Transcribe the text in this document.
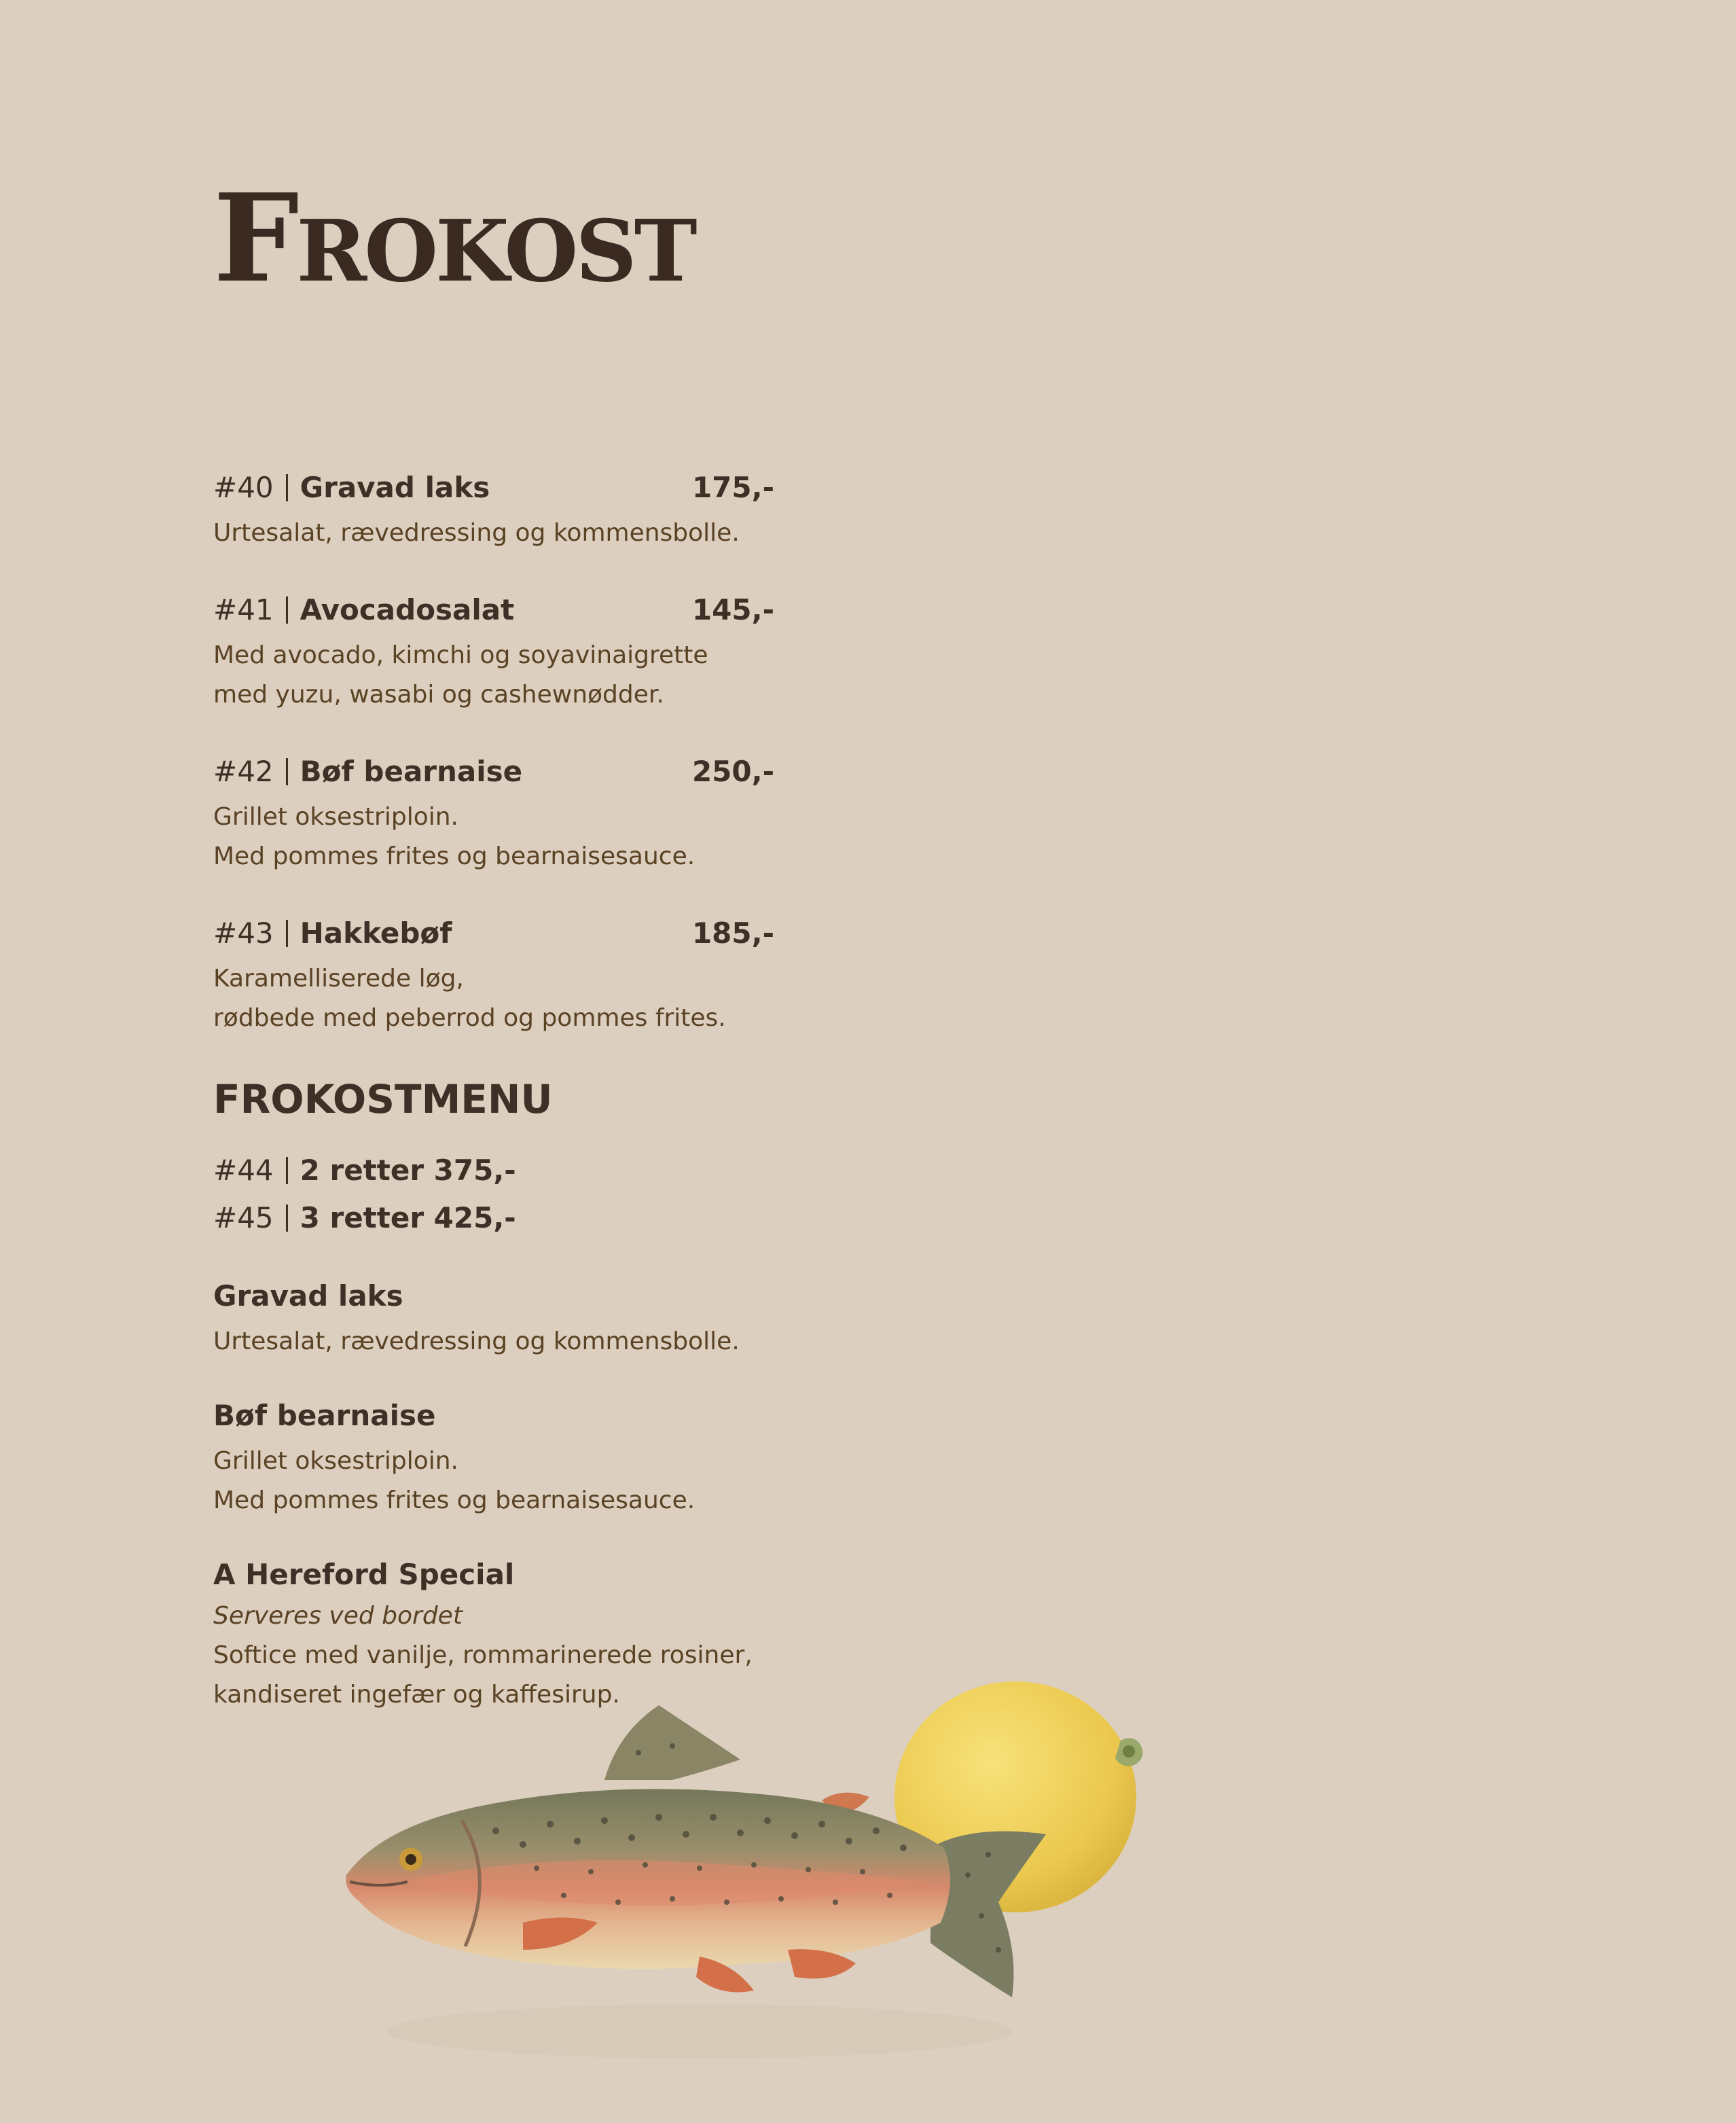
Frokost
#40 Gravad laks	175,-
Urtesalat, rævedressing og kommensbolle.
#41 Avocadosalat	145,-
Med avocado, kimchi og soyavinaigrette
med yuzu, wasabi og cashewnødder.
#42 Bøf bearnaise	250,-
Grillet oksestriploin.
Med pommes frites og bearnaisesauce.
#43 Hakkebøf	185,-
Karamelliserede løg,
rødbede med peberrod og pommes frites.
FROKOSTMENU
#44 2 retter 375,-
#45 3 retter 425,-
Gravad laks
Urtesalat, rævedressing og kommensbolle.
Bøf bearnaise
Grillet oksestriploin.
Med pommes frites og bearnaisesauce.
A Hereford Special
Serveres ved bordet
Softice med vanilje, rommarinerede rosiner,
kandiseret ingefær og kaffesirup.
